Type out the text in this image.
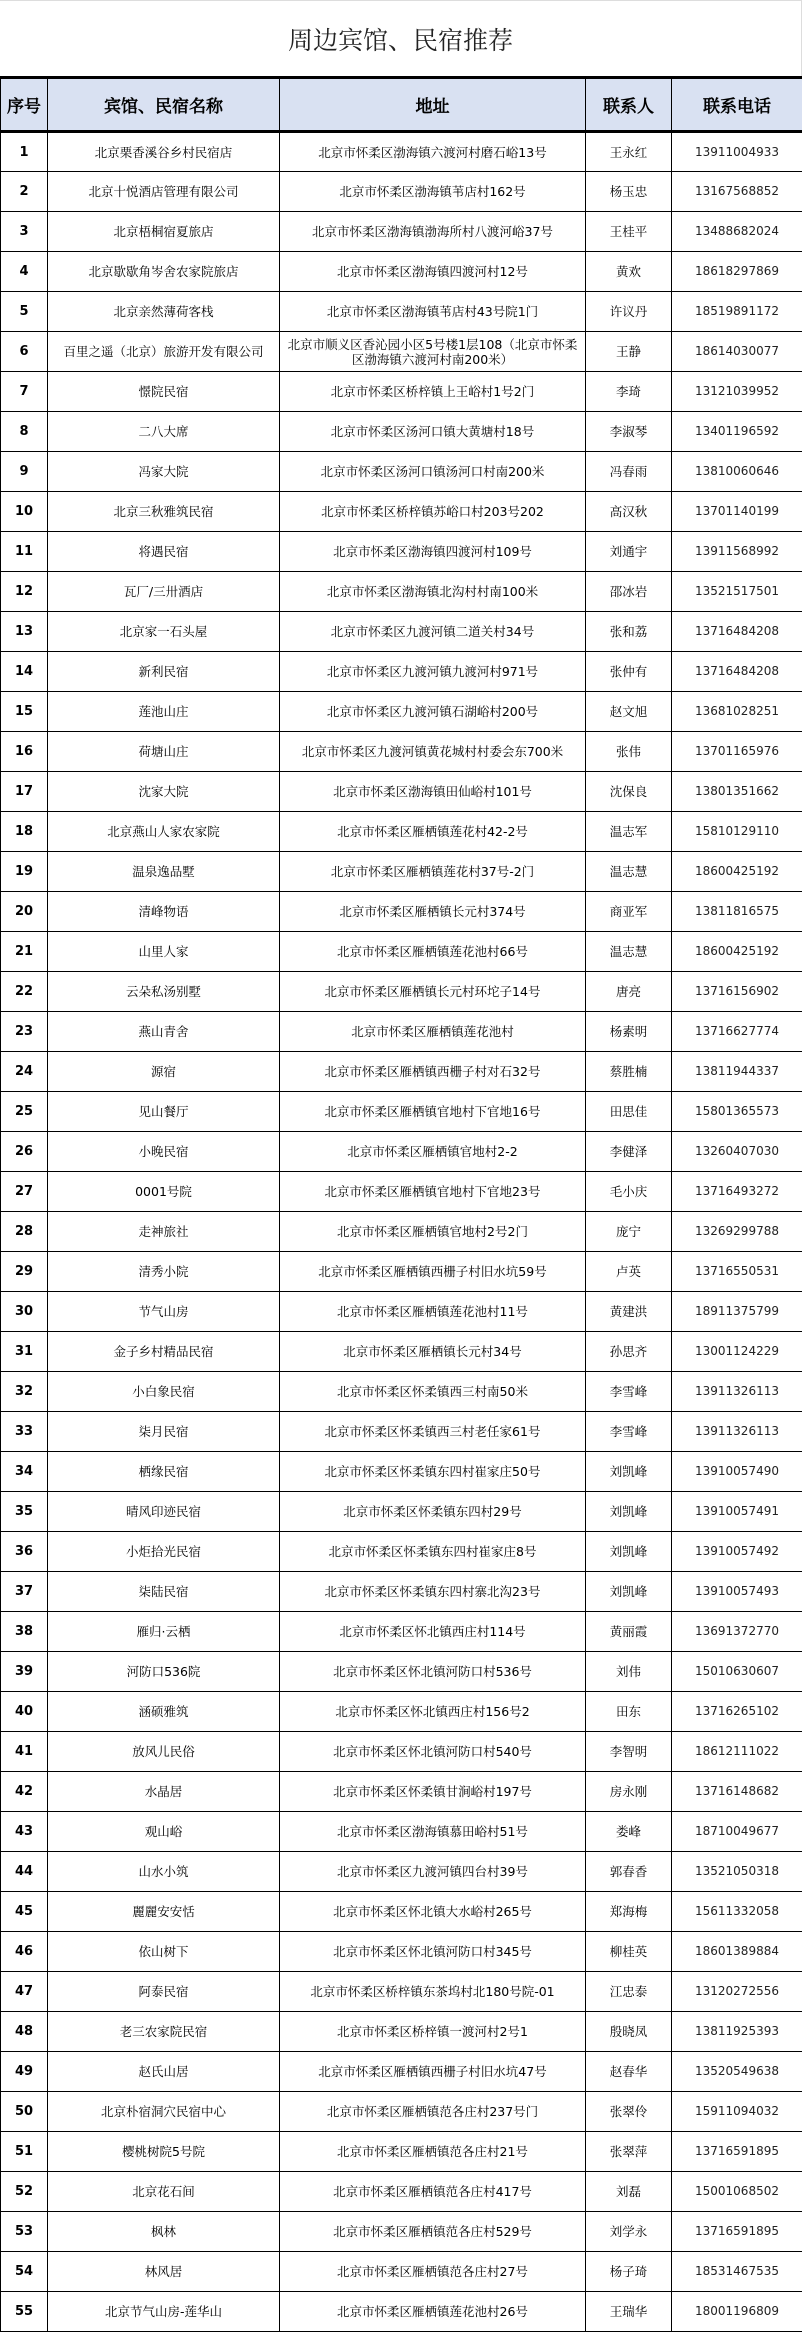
周边宾馆、民宿推荐
序号	宾馆、民宿名称	地址	联系人	联系电话
1	北京栗香溪谷乡村民宿店	北京市怀柔区渤海镇六渡河村磨石峪13号	王永红	13911004933
2	北京十悦酒店管理有限公司	北京市怀柔区渤海镇苇店村162号	杨玉忠	13167568852
3	北京梧桐宿夏旅店	北京市怀柔区渤海镇渤海所村八渡河峪37号	王桂平	13488682024
4	北京歇歇角岑舍农家院旅店	北京市怀柔区渤海镇四渡河村12号	黄欢	18618297869
5	北京亲然薄荷客栈	北京市怀柔区渤海镇苇店村43号院1门	许议丹	18519891172
6	百里之遥（北京）旅游开发有限公司	北京市顺义区香沁园小区5号楼1层108（北京市怀柔区渤海镇六渡河村南200米）	王静	18614030077
7	憬院民宿	北京市怀柔区桥梓镇上王峪村1号2门	李琦	13121039952
8	二八大席	北京市怀柔区汤河口镇大黄塘村18号	李淑琴	13401196592
9	冯家大院	北京市怀柔区汤河口镇汤河口村南200米	冯春雨	13810060646
10	北京三秋雅筑民宿	北京市怀柔区桥梓镇苏峪口村203号202	高汉秋	13701140199
11	将遇民宿	北京市怀柔区渤海镇四渡河村109号	刘通宇	13911568992
12	瓦厂/三卅酒店	北京市怀柔区渤海镇北沟村村南100米	邵冰岩	13521517501
13	北京家一石头屋	北京市怀柔区九渡河镇二道关村34号	张和荔	13716484208
14	新利民宿	北京市怀柔区九渡河镇九渡河村971号	张仲有	13716484208
15	莲池山庄	北京市怀柔区九渡河镇石湖峪村200号	赵文旭	13681028251
16	荷塘山庄	北京市怀柔区九渡河镇黄花城村村委会东700米	张伟	13701165976
17	沈家大院	北京市怀柔区渤海镇田仙峪村101号	沈保良	13801351662
18	北京燕山人家农家院	北京市怀柔区雁栖镇莲花村42-2号	温志军	15810129110
19	温泉逸品墅	北京市怀柔区雁栖镇莲花村37号-2门	温志慧	18600425192
20	清峰物语	北京市怀柔区雁栖镇长元村374号	商亚军	13811816575
21	山里人家	北京市怀柔区雁栖镇莲花池村66号	温志慧	18600425192
22	云朵私汤别墅	北京市怀柔区雁栖镇长元村环坨子14号	唐亮	13716156902
23	燕山青舍	北京市怀柔区雁栖镇莲花池村	杨素明	13716627774
24	源宿	北京市怀柔区雁栖镇西栅子村对石32号	蔡胜楠	13811944337
25	见山餐厅	北京市怀柔区雁栖镇官地村下官地16号	田思佳	15801365573
26	小晚民宿	北京市怀柔区雁栖镇官地村2-2	李健泽	13260407030
27	0001号院	北京市怀柔区雁栖镇官地村下官地23号	毛小庆	13716493272
28	走神旅社	北京市怀柔区雁栖镇官地村2号2门	庞宁	13269299788
29	清秀小院	北京市怀柔区雁栖镇西栅子村旧水坑59号	卢英	13716550531
30	节气山房	北京市怀柔区雁栖镇莲花池村11号	黄建洪	18911375799
31	金子乡村精品民宿	北京市怀柔区雁栖镇长元村34号	孙思齐	13001124229
32	小白象民宿	北京市怀柔区怀柔镇西三村南50米	李雪峰	13911326113
33	柒月民宿	北京市怀柔区怀柔镇西三村老任家61号	李雪峰	13911326113
34	栖缘民宿	北京市怀柔区怀柔镇东四村崔家庄50号	刘凯峰	13910057490
35	晴风印迹民宿	北京市怀柔区怀柔镇东四村29号	刘凯峰	13910057491
36	小炬拾光民宿	北京市怀柔区怀柔镇东四村崔家庄8号	刘凯峰	13910057492
37	柒陆民宿	北京市怀柔区怀柔镇东四村寨北沟23号	刘凯峰	13910057493
38	雁归·云栖	北京市怀柔区怀北镇西庄村114号	黄丽霞	13691372770
39	河防口536院	北京市怀柔区怀北镇河防口村536号	刘伟	15010630607
40	涵硕雅筑	北京市怀柔区怀北镇西庄村156号2	田东	13716265102
41	放风儿民俗	北京市怀柔区怀北镇河防口村540号	李智明	18612111022
42	水晶居	北京市怀柔区怀柔镇甘涧峪村197号	房永刚	13716148682
43	观山峪	北京市怀柔区渤海镇慕田峪村51号	娄峰	18710049677
44	山水小筑	北京市怀柔区九渡河镇四台村39号	郭春香	13521050318
45	麗麗安安恬	北京市怀柔区怀北镇大水峪村265号	郑海梅	15611332058
46	依山树下	北京市怀柔区怀北镇河防口村345号	柳桂英	18601389884
47	阿泰民宿	北京市怀柔区桥梓镇东茶坞村北180号院-01	江忠泰	13120272556
48	老三农家院民宿	北京市怀柔区桥梓镇一渡河村2号1	殷晓凤	13811925393
49	赵氏山居	北京市怀柔区雁栖镇西栅子村旧水坑47号	赵春华	13520549638
50	北京朴宿洞穴民宿中心	北京市怀柔区雁栖镇范各庄村237号门	张翠伶	15911094032
51	樱桃树院5号院	北京市怀柔区雁栖镇范各庄村21号	张翠萍	13716591895
52	北京花石间	北京市怀柔区雁栖镇范各庄村417号	刘磊	15001068502
53	枫林	北京市怀柔区雁栖镇范各庄村529号	刘学永	13716591895
54	林风居	北京市怀柔区雁栖镇范各庄村27号	杨子琦	18531467535
55	北京节气山房-莲华山	北京市怀柔区雁栖镇莲花池村26号	王瑞华	18001196809
